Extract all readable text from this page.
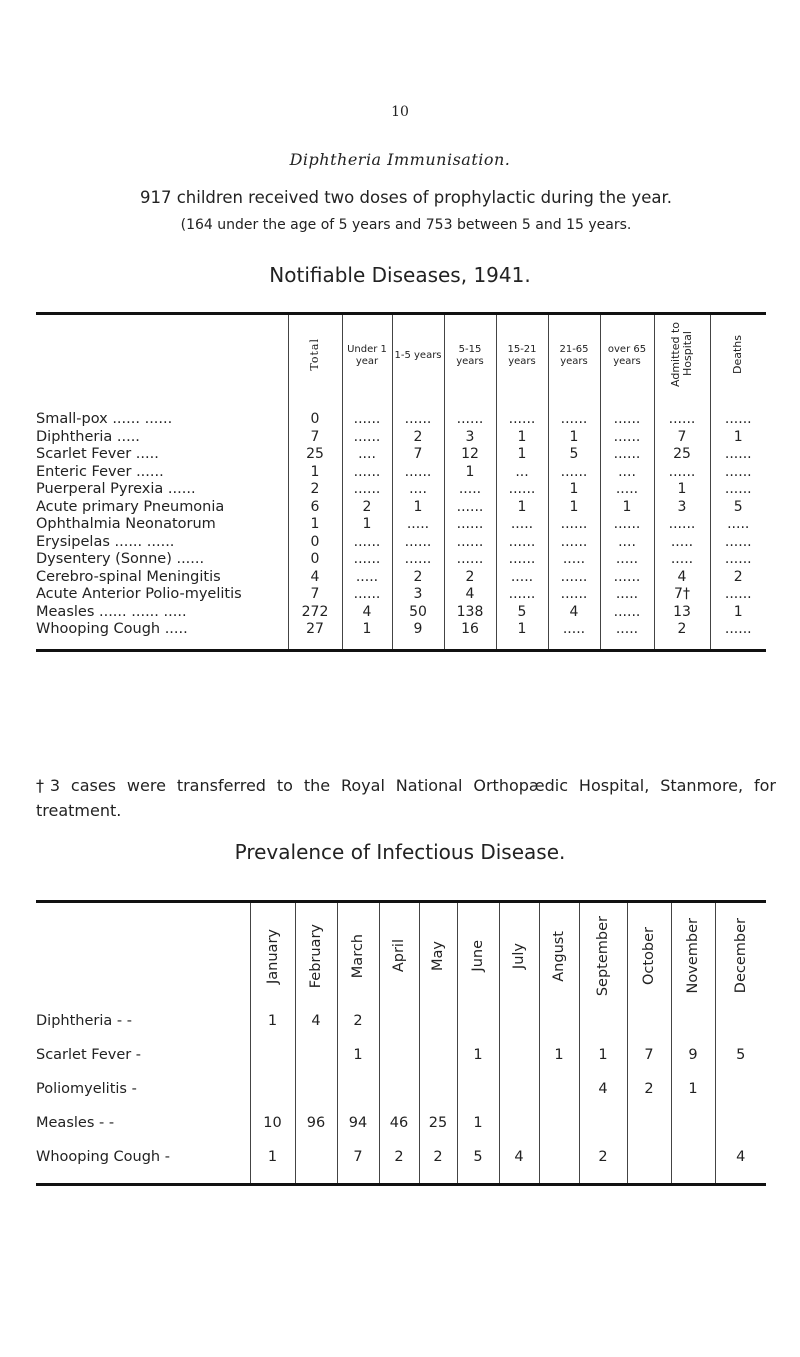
10
Diphtheria Immunisation.
917 children received two doses of prophylactic during the year.
(164 under the age of 5 years and 753 between 5 and 15 years.
Notifiable Diseases, 1941.
	Total	Under 1 year	1-5 years	5-15 years	15-21 years	21-65 years	over 65 years	Admitted to Hospital	Deaths

Small-pox ...... ......	0	......	......	......	......	......	......	......	......
Diphtheria .....	7	......	2	3	1	1	......	7	1
Scarlet Fever .....	25	....	7	12	1	5	......	25	......
Enteric Fever ......	1	......	......	1	...	......	....	......	......
Puerperal Pyrexia ......	2	......	....	.....	......	1	.....	1	......
Acute primary Pneumonia	6	2	1	......	1	1	1	3	5
Ophthalmia Neonatorum	1	1	.....	......	.....	......	......	......	.....
Erysipelas ...... ......	0	......	......	......	......	......	....	.....	......
Dysentery (Sonne) ......	0	......	......	......	......	.....	.....	.....	......
Cerebro-spinal Meningitis	4	.....	2	2	.....	......	......	4	2
Acute Anterior Polio-myelitis	7	......	3	4	......	......	.....	7†	......
Measles ...... ...... .....	272	4	50	138	5	4	......	13	1
Whooping Cough .....	27	1	9	16	1	.....	.....	2	......
†3 cases were transferred to the Royal National Orthopædic Hospital, Stanmore, for treatment.
Prevalence of Infectious Disease.
	January	February	March	April	May	June	July	Angust	September	October	November	December
Diphtheria - -	1	4	2									
Scarlet Fever -			1			1		1	1	7	9	5
Poliomyelitis -									4	2	1	
Measles - -	10	96	94	46	25	1						
Whooping Cough -	1		7	2	2	5	4		2			4
